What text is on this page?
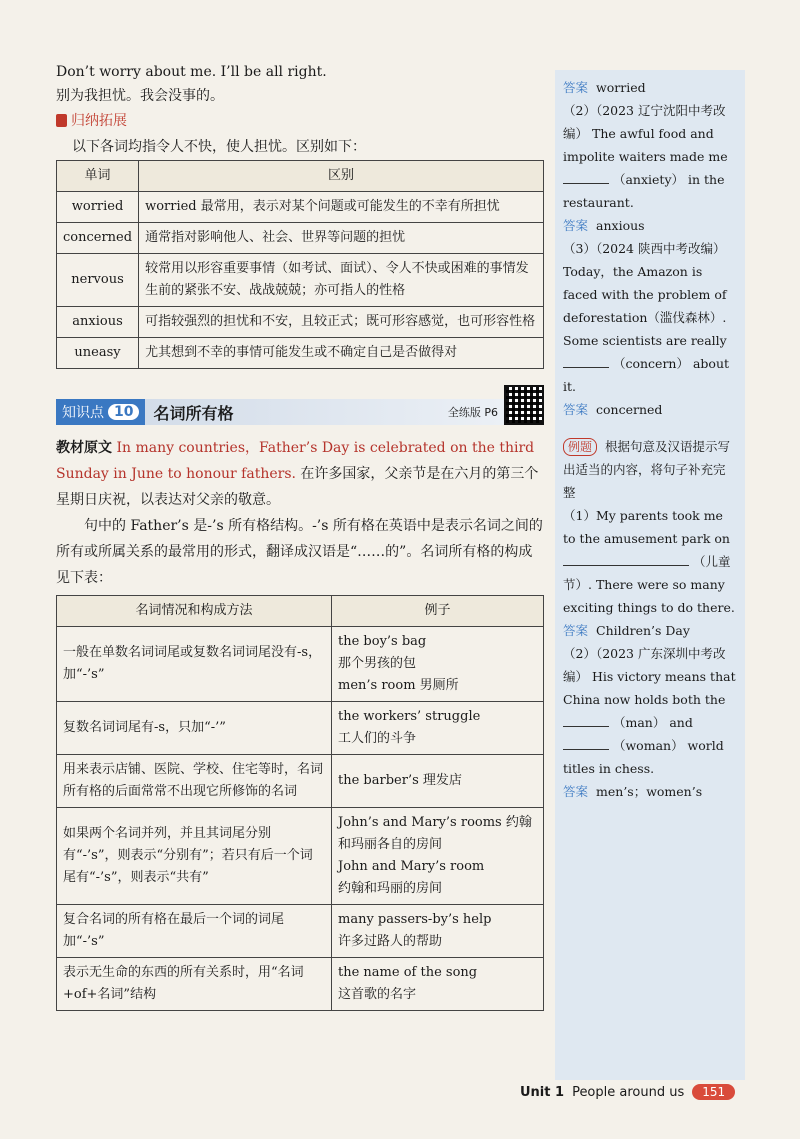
Don’t worry about me. I’ll be all right.

别为我担忧。我会没事的。

归纳拓展
以下各词均指令人不快，使人担忧。区别如下：
单词	区别
worried	worried 最常用，表示对某个问题或可能发生的不幸有所担忧
concerned	通常指对影响他人、社会、世界等问题的担忧
nervous	较常用以形容重要事情（如考试、面试）、令人不快或困难的事情发生前的紧张不安、战战兢兢；亦可指人的性格
anxious	可指较强烈的担忧和不安，且较正式；既可形容感觉，也可形容性格
uneasy	尤其想到不幸的事情可能发生或不确定自己是否做得对
知识点 10	名词所有格	全练版 P6

教材原文 In many countries，Father’s Day is celebrated on the third Sunday in June to honour fathers. 在许多国家，父亲节是在六月的第三个星期日庆祝，以表达对父亲的敬意。

句中的 Father’s 是-’s 所有格结构。-’s 所有格在英语中是表示名词之间的所有或所属关系的最常用的形式，翻译成汉语是“……的”。名词所有格的构成见下表：

名词情况和构成方法	例子
一般在单数名词词尾或复数名词词尾没有-s，加“-’s”	the boy’s bag
那个男孩的包
men’s room 男厕所
复数名词词尾有-s，只加“-’”	the workers’ struggle
工人们的斗争
用来表示店铺、医院、学校、住宅等时，名词所有格的后面常常不出现它所修饰的名词	the barber’s 理发店
如果两个名词并列，并且其词尾分别有“-’s”，则表示“分别有”；若只有后一个词尾有“-’s”，则表示“共有”	John’s and Mary’s rooms 约翰和玛丽各自的房间
John and Mary’s room
约翰和玛丽的房间
复合名词的所有格在最后一个词的词尾加“-’s”	many passers-by’s help
许多过路人的帮助
表示无生命的东西的所有关系时，用“名词+of+名词”结构	the name of the song
这首歌的名字
答案 worried
（2）（2023 辽宁沈阳中考改编） The awful food and impolite waiters made me  （anxiety） in the restaurant.
答案 anxious
（3）（2024 陕西中考改编） Today，the Amazon is faced with the problem of deforestation（滥伐森林）. Some scientists are really  （concern） about it.
答案 concerned
例题 根据句意及汉语提示写出适当的内容，将句子补充完整
（1）My parents took me to the amusement park on  （儿童节）. There were so many exciting things to do there.
答案 Children’s Day
（2）（2023 广东深圳中考改编） His victory means that China now holds both the  （man） and  （woman） world titles in chess.
答案 men’s；women’s
Unit 1 People around us	151
